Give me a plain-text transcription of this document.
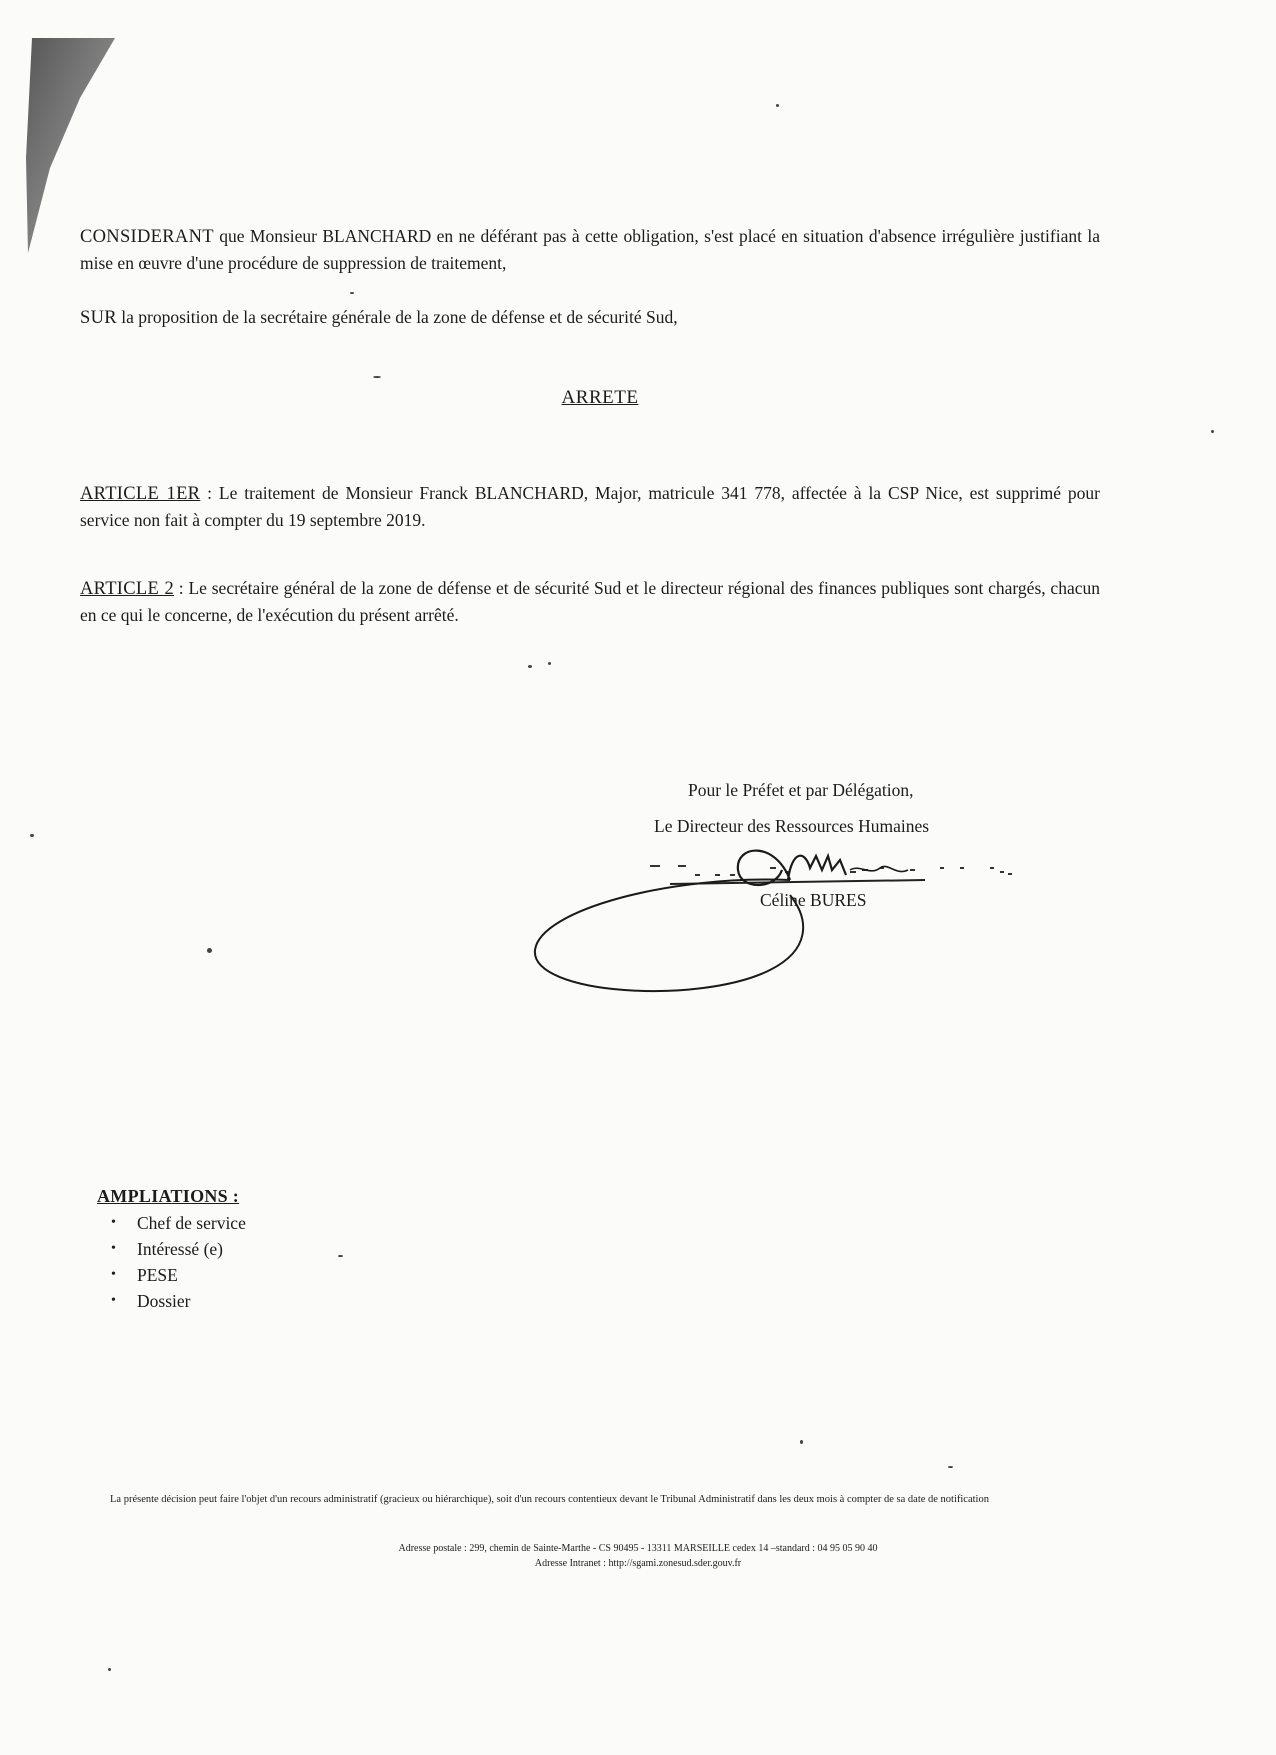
CONSIDERANT que Monsieur BLANCHARD en ne déférant pas à cette obligation, s'est placé en situation d'absence irrégulière justifiant la mise en œuvre d'une procédure de suppression de traitement,

SUR la proposition de la secrétaire générale de la zone de défense et de sécurité Sud,

ARRETE

ARTICLE 1ER : Le traitement de Monsieur Franck BLANCHARD, Major, matricule 341 778, affectée à la CSP Nice, est supprimé pour service non fait à compter du 19 septembre 2019.

ARTICLE 2 : Le secrétaire général de la zone de défense et de sécurité Sud et le directeur régional des finances publiques sont chargés, chacun en ce qui le concerne, de l'exécution du présent arrêté.

Pour le Préfet et par Délégation,

Le Directeur des Ressources Humaines

Céline BURES

AMPLIATIONS :

• Chef de service
• Intéressé (e)
• PESE
• Dossier

La présente décision peut faire l'objet d'un recours administratif (gracieux ou hiérarchique), soit d'un recours contentieux devant le Tribunal Administratif dans les deux mois à compter de sa date de notification

Adresse postale : 299, chemin de Sainte-Marthe - CS 90495 - 13311 MARSEILLE cedex 14 –standard : 04 95 05 90 40

Adresse Intranet : http://sgami.zonesud.sder.gouv.fr
